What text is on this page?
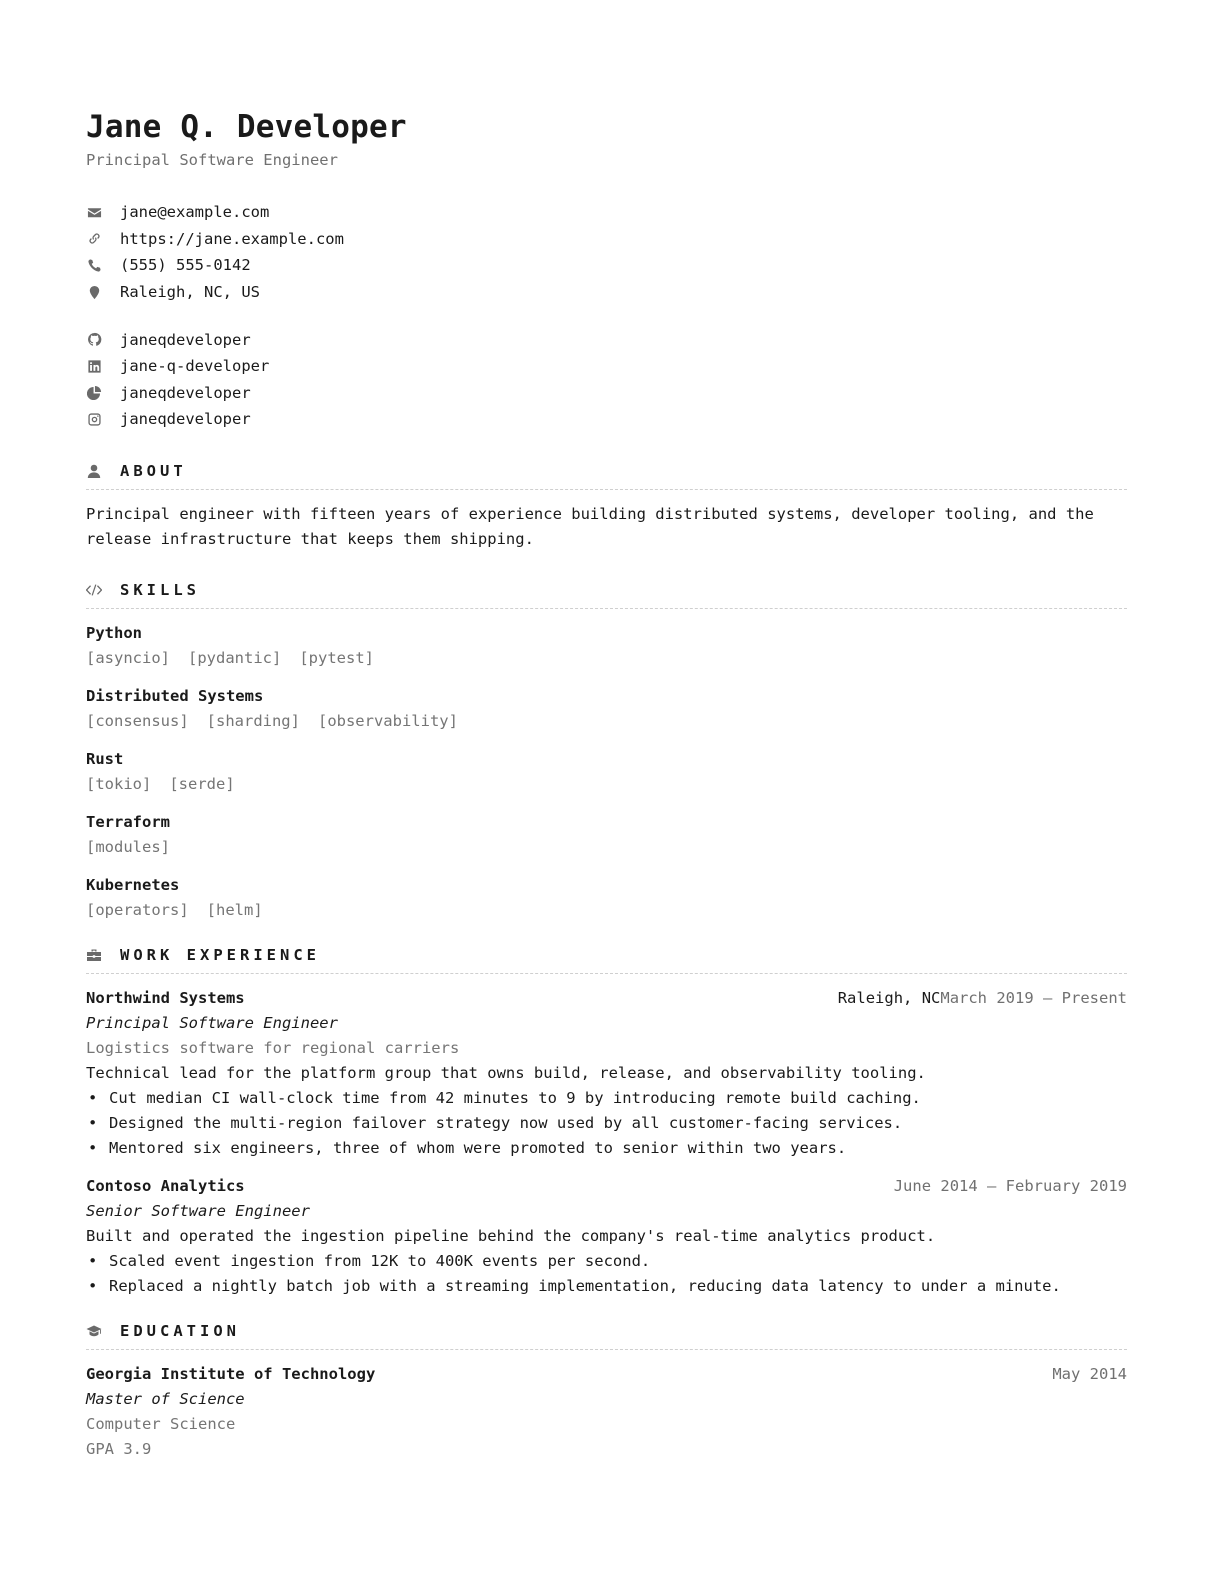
Jane Q. Developer
Principal Software Engineer
jane@example.com
https://jane.example.com
(555) 555-0142
Raleigh, NC, US
janeqdeveloper
jane-q-developer
janeqdeveloper
janeqdeveloper
ABOUT
Principal engineer with fifteen years of experience building distributed systems, developer tooling, and the release infrastructure that keeps them shipping.
SKILLS
Python
[asyncio] [pydantic] [pytest]
Distributed Systems
[consensus] [sharding] [observability]
Rust
[tokio] [serde]
Terraform
[modules]
Kubernetes
[operators] [helm]
WORK EXPERIENCE
Northwind Systems	Raleigh, NCMarch 2019 – Present
Principal Software Engineer
Logistics software for regional carriers
Technical lead for the platform group that owns build, release, and observability tooling.
• Cut median CI wall-clock time from 42 minutes to 9 by introducing remote build caching.
• Designed the multi-region failover strategy now used by all customer-facing services.
• Mentored six engineers, three of whom were promoted to senior within two years.
Contoso Analytics	June 2014 – February 2019
Senior Software Engineer
Built and operated the ingestion pipeline behind the company's real-time analytics product.
• Scaled event ingestion from 12K to 400K events per second.
• Replaced a nightly batch job with a streaming implementation, reducing data latency to under a minute.
EDUCATION
Georgia Institute of Technology	May 2014
Master of Science
Computer Science
GPA 3.9
